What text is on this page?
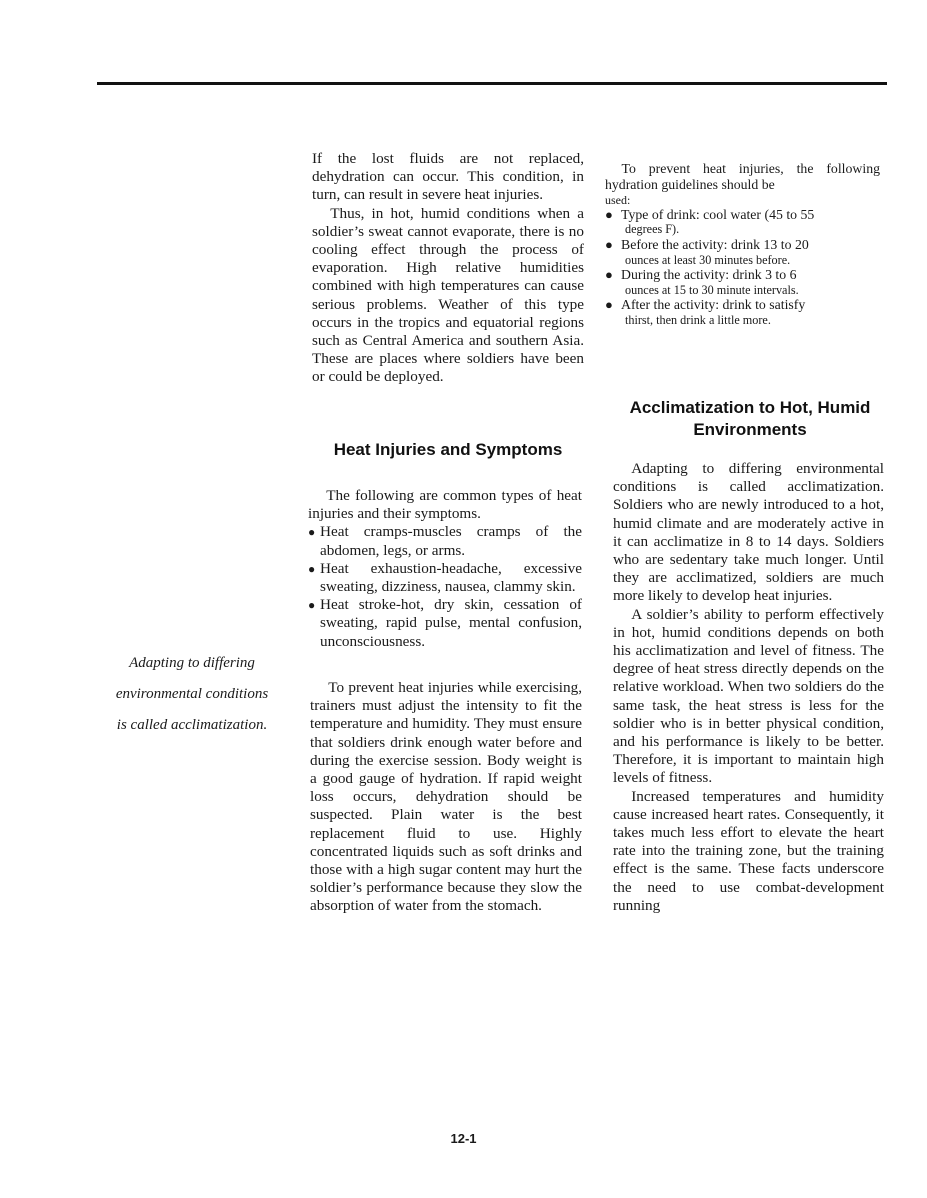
Adapting to differing
environmental conditions
is called acclimatization.

If the lost fluids are not replaced, dehydration can occur. This condition, in turn, can result in severe heat injuries.

Thus, in hot, humid conditions when a soldier’s sweat cannot evaporate, there is no cooling effect through the process of evaporation. High relative humidities combined with high temperatures can cause serious problems. Weather of this type occurs in the tropics and equatorial regions such as Central America and southern Asia. These are places where soldiers have been or could be deployed.

Heat Injuries and Symptoms

The following are common types of heat injuries and their symptoms.

● Heat cramps-muscles cramps of the abdomen, legs, or arms.
● Heat exhaustion-headache, excessive sweating, dizziness, nausea, clammy skin.
● Heat stroke-hot, dry skin, cessation of sweating, rapid pulse, mental confusion, unconsciousness.

To prevent heat injuries while exercising, trainers must adjust the intensity to fit the temperature and humidity. They must ensure that soldiers drink enough water before and during the exercise session. Body weight is a good gauge of hydration. If rapid weight loss occurs, dehydration should be suspected. Plain water is the best replacement fluid to use. Highly concentrated liquids such as soft drinks and those with a high sugar content may hurt the soldier’s performance because they slow the absorption of water from the stomach.

To prevent heat injuries, the following hydration guidelines should be

used:

● Type of drink: cool water (45 to 55
degrees F).
● Before the activity: drink 13 to 20
ounces at least 30 minutes before.
● During the activity: drink 3 to 6
ounces at 15 to 30 minute intervals.
● After the activity: drink to satisfy
thirst, then drink a little more.
Acclimatization to Hot, Humid
Environments

Adapting to differing environmental conditions is called acclimatization. Soldiers who are newly introduced to a hot, humid climate and are moderately active in it can acclimatize in 8 to 14 days. Soldiers who are sedentary take much longer. Until they are acclimatized, soldiers are much more likely to develop heat injuries.

A soldier’s ability to perform effectively in hot, humid conditions depends on both his acclimatization and level of fitness. The degree of heat stress directly depends on the relative workload. When two soldiers do the same task, the heat stress is less for the soldier who is in better physical condition, and his performance is likely to be better. Therefore, it is important to maintain high levels of fitness.

Increased temperatures and humidity cause increased heart rates. Consequently, it takes much less effort to elevate the heart rate into the training zone, but the training effect is the same. These facts underscore the need to use combat-development running

12-1
